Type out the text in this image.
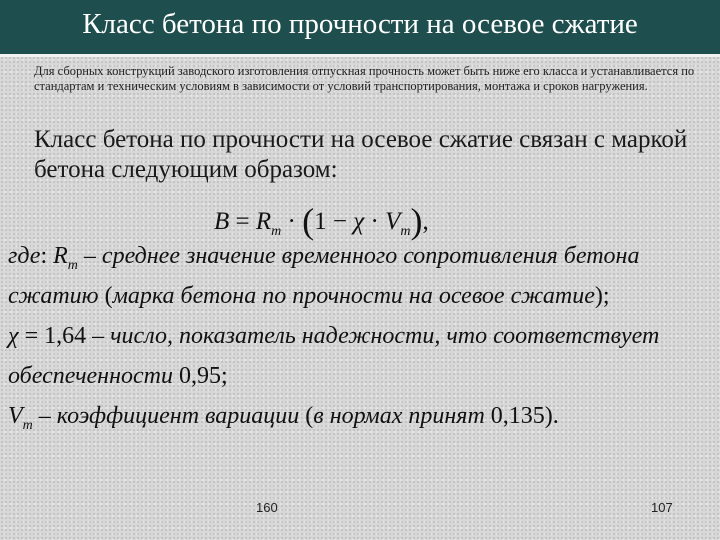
Класс бетона по прочности на осевое сжатие
Для сборных конструкций заводского изготовления отпускная прочность может быть ниже его класса и устанавливается по стандартам и техническим условиям в зависимости от условий транспортирования, монтажа и сроков нагружения.
Класс бетона по прочности на осевое сжатие связан с маркой бетона следующим образом:
$B = R_m \cdot (1 - \chi \cdot V_m)$,
где: $R_m$ – среднее значение временного сопротивления бетона
сжатию (марка бетона по прочности на осевое сжатие);
χ = 1,64 – число, показатель надежности, что соответствует
обеспеченности 0,95;
$V_m$ – коэффициент вариации (в нормах принят 0,135).
160	107
